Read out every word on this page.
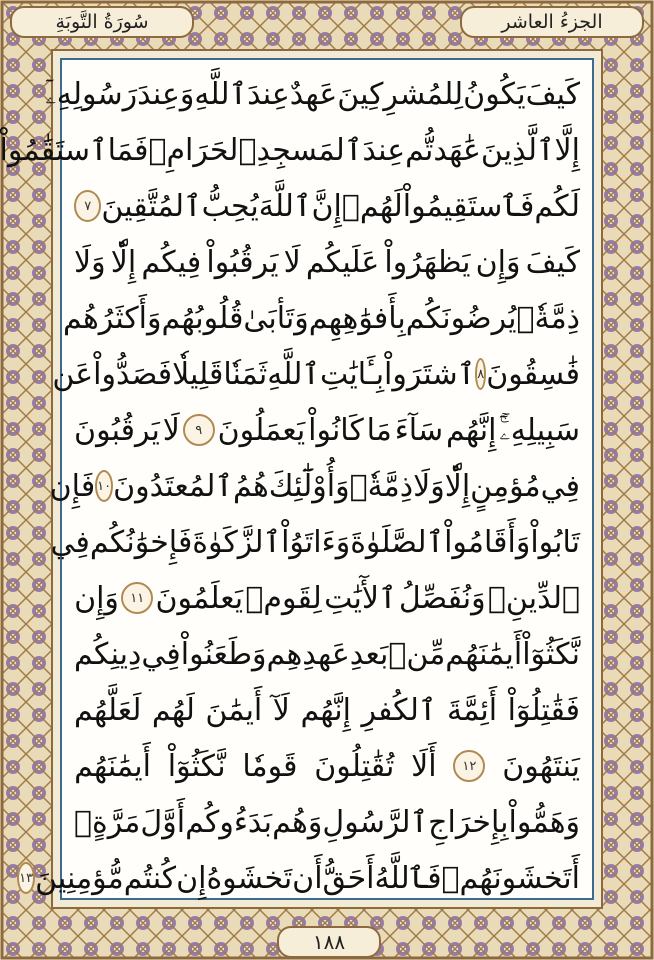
سُورَةُ التَّوبَةِ	الجزءُ العاشر
كَيفَ
يَكُونُ
لِلمُشرِكِينَ
عَهدٌ
عِندَ
ٱللَّهِ
وَعِندَ
رَسُولِهِۦٓ
إِلَّا
ٱلَّذِينَ
عَٰهَدتُّم
عِندَ
ٱلمَسجِدِ
ٱلحَرَامِۖ
فَمَا
ٱستَقَٰمُواْ
لَكُم
فَٱستَقِيمُواْ
لَهُمۚ
إِنَّ
ٱللَّهَ
يُحِبُّ
ٱلمُتَّقِينَ
٧
كَيفَ
وَإِن
يَظهَرُواْ
عَلَيكُم
لَا
يَرقُبُواْ
فِيكُم
إِلّٗا
وَلَا
ذِمَّةٗۚ
يُرضُونَكُم
بِأَفوَٰهِهِم
وَتَأبَىٰ
قُلُوبُهُم
وَأَكثَرُهُم
فَٰسِقُونَ
٨
ٱشتَرَواْ
بِـَٔايَٰتِ
ٱللَّهِ
ثَمَنٗا
قَلِيلٗا
فَصَدُّواْ
عَن
سَبِيلِهِۦٓۚ
إِنَّهُم
سَآءَ
مَا
كَانُواْ
يَعمَلُونَ
٩
لَا
يَرقُبُونَ
فِي
مُؤمِنٍ
إِلّٗا
وَلَا
ذِمَّةٗۚ
وَأُوْلَٰٓئِكَ
هُمُ
ٱلمُعتَدُونَ
١٠
فَإِن
تَابُواْ
وَأَقَامُواْ
ٱلصَّلَوٰةَ
وَءَاتَوُاْ
ٱلزَّكَوٰةَ
فَإِخوَٰنُكُم
فِي
ٱلدِّينِۗ
وَنُفَصِّلُ
ٱلأٓيَٰتِ
لِقَومٖ
يَعلَمُونَ
١١
وَإِن
نَّكَثُوٓاْ
أَيمَٰنَهُم
مِّنۢ
بَعدِ
عَهدِهِم
وَطَعَنُواْ
فِي
دِينِكُم
فَقَٰتِلُوٓاْ
أَئِمَّةَ
ٱلكُفرِ
إِنَّهُم
لَآ
أَيمَٰنَ
لَهُم
لَعَلَّهُم
يَنتَهُونَ
١٢
أَلَا
تُقَٰتِلُونَ
قَومٗا
نَّكَثُوٓاْ
أَيمَٰنَهُم
وَهَمُّواْ
بِإِخرَاجِ
ٱلرَّسُولِ
وَهُم
بَدَءُوكُم
أَوَّلَ
مَرَّةٍۚ
أَتَخشَونَهُمۚ
فَٱللَّهُ
أَحَقُّ
أَن
تَخشَوهُ
إِن
كُنتُم
مُّؤمِنِينَ
١٣
١٨٨
